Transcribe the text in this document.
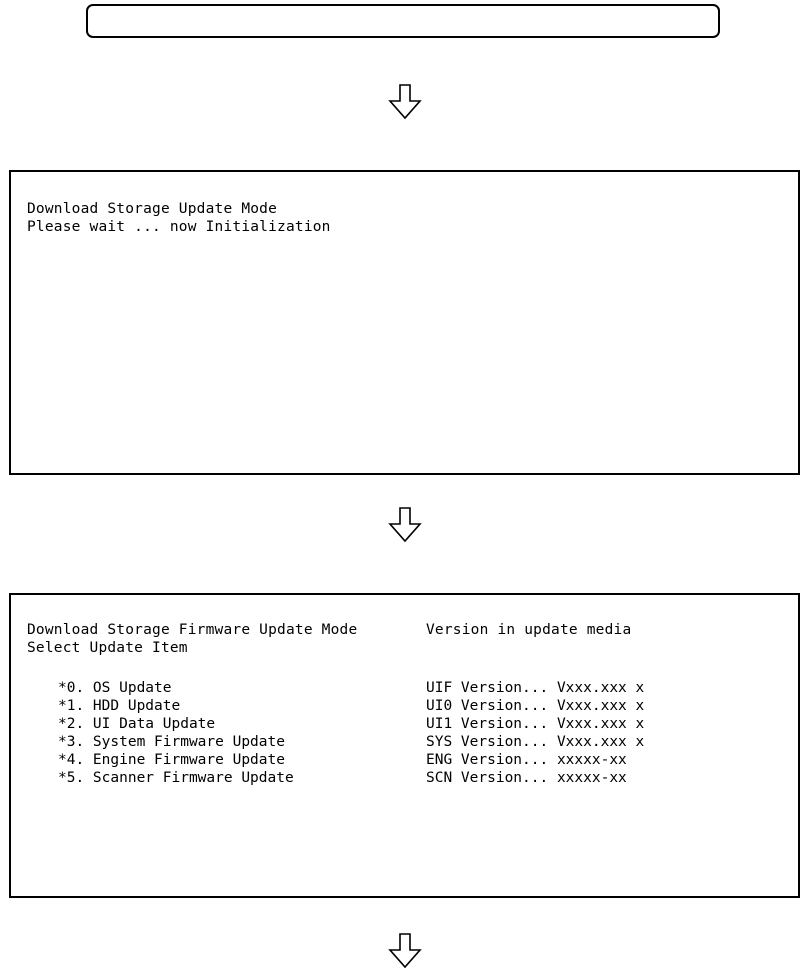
Download Storage Update Mode
Please wait ... now Initialization
Download Storage Firmware Update Mode	Version in update media
Select Update Item
*0. OS Update
*1. HDD Update
*2. UI Data Update
*3. System Firmware Update
*4. Engine Firmware Update
*5. Scanner Firmware Update
UIF Version... Vxxx.xxx x
UI0 Version... Vxxx.xxx x
UI1 Version... Vxxx.xxx x
SYS Version... Vxxx.xxx x
ENG Version... xxxxx-xx
SCN Version... xxxxx-xx
